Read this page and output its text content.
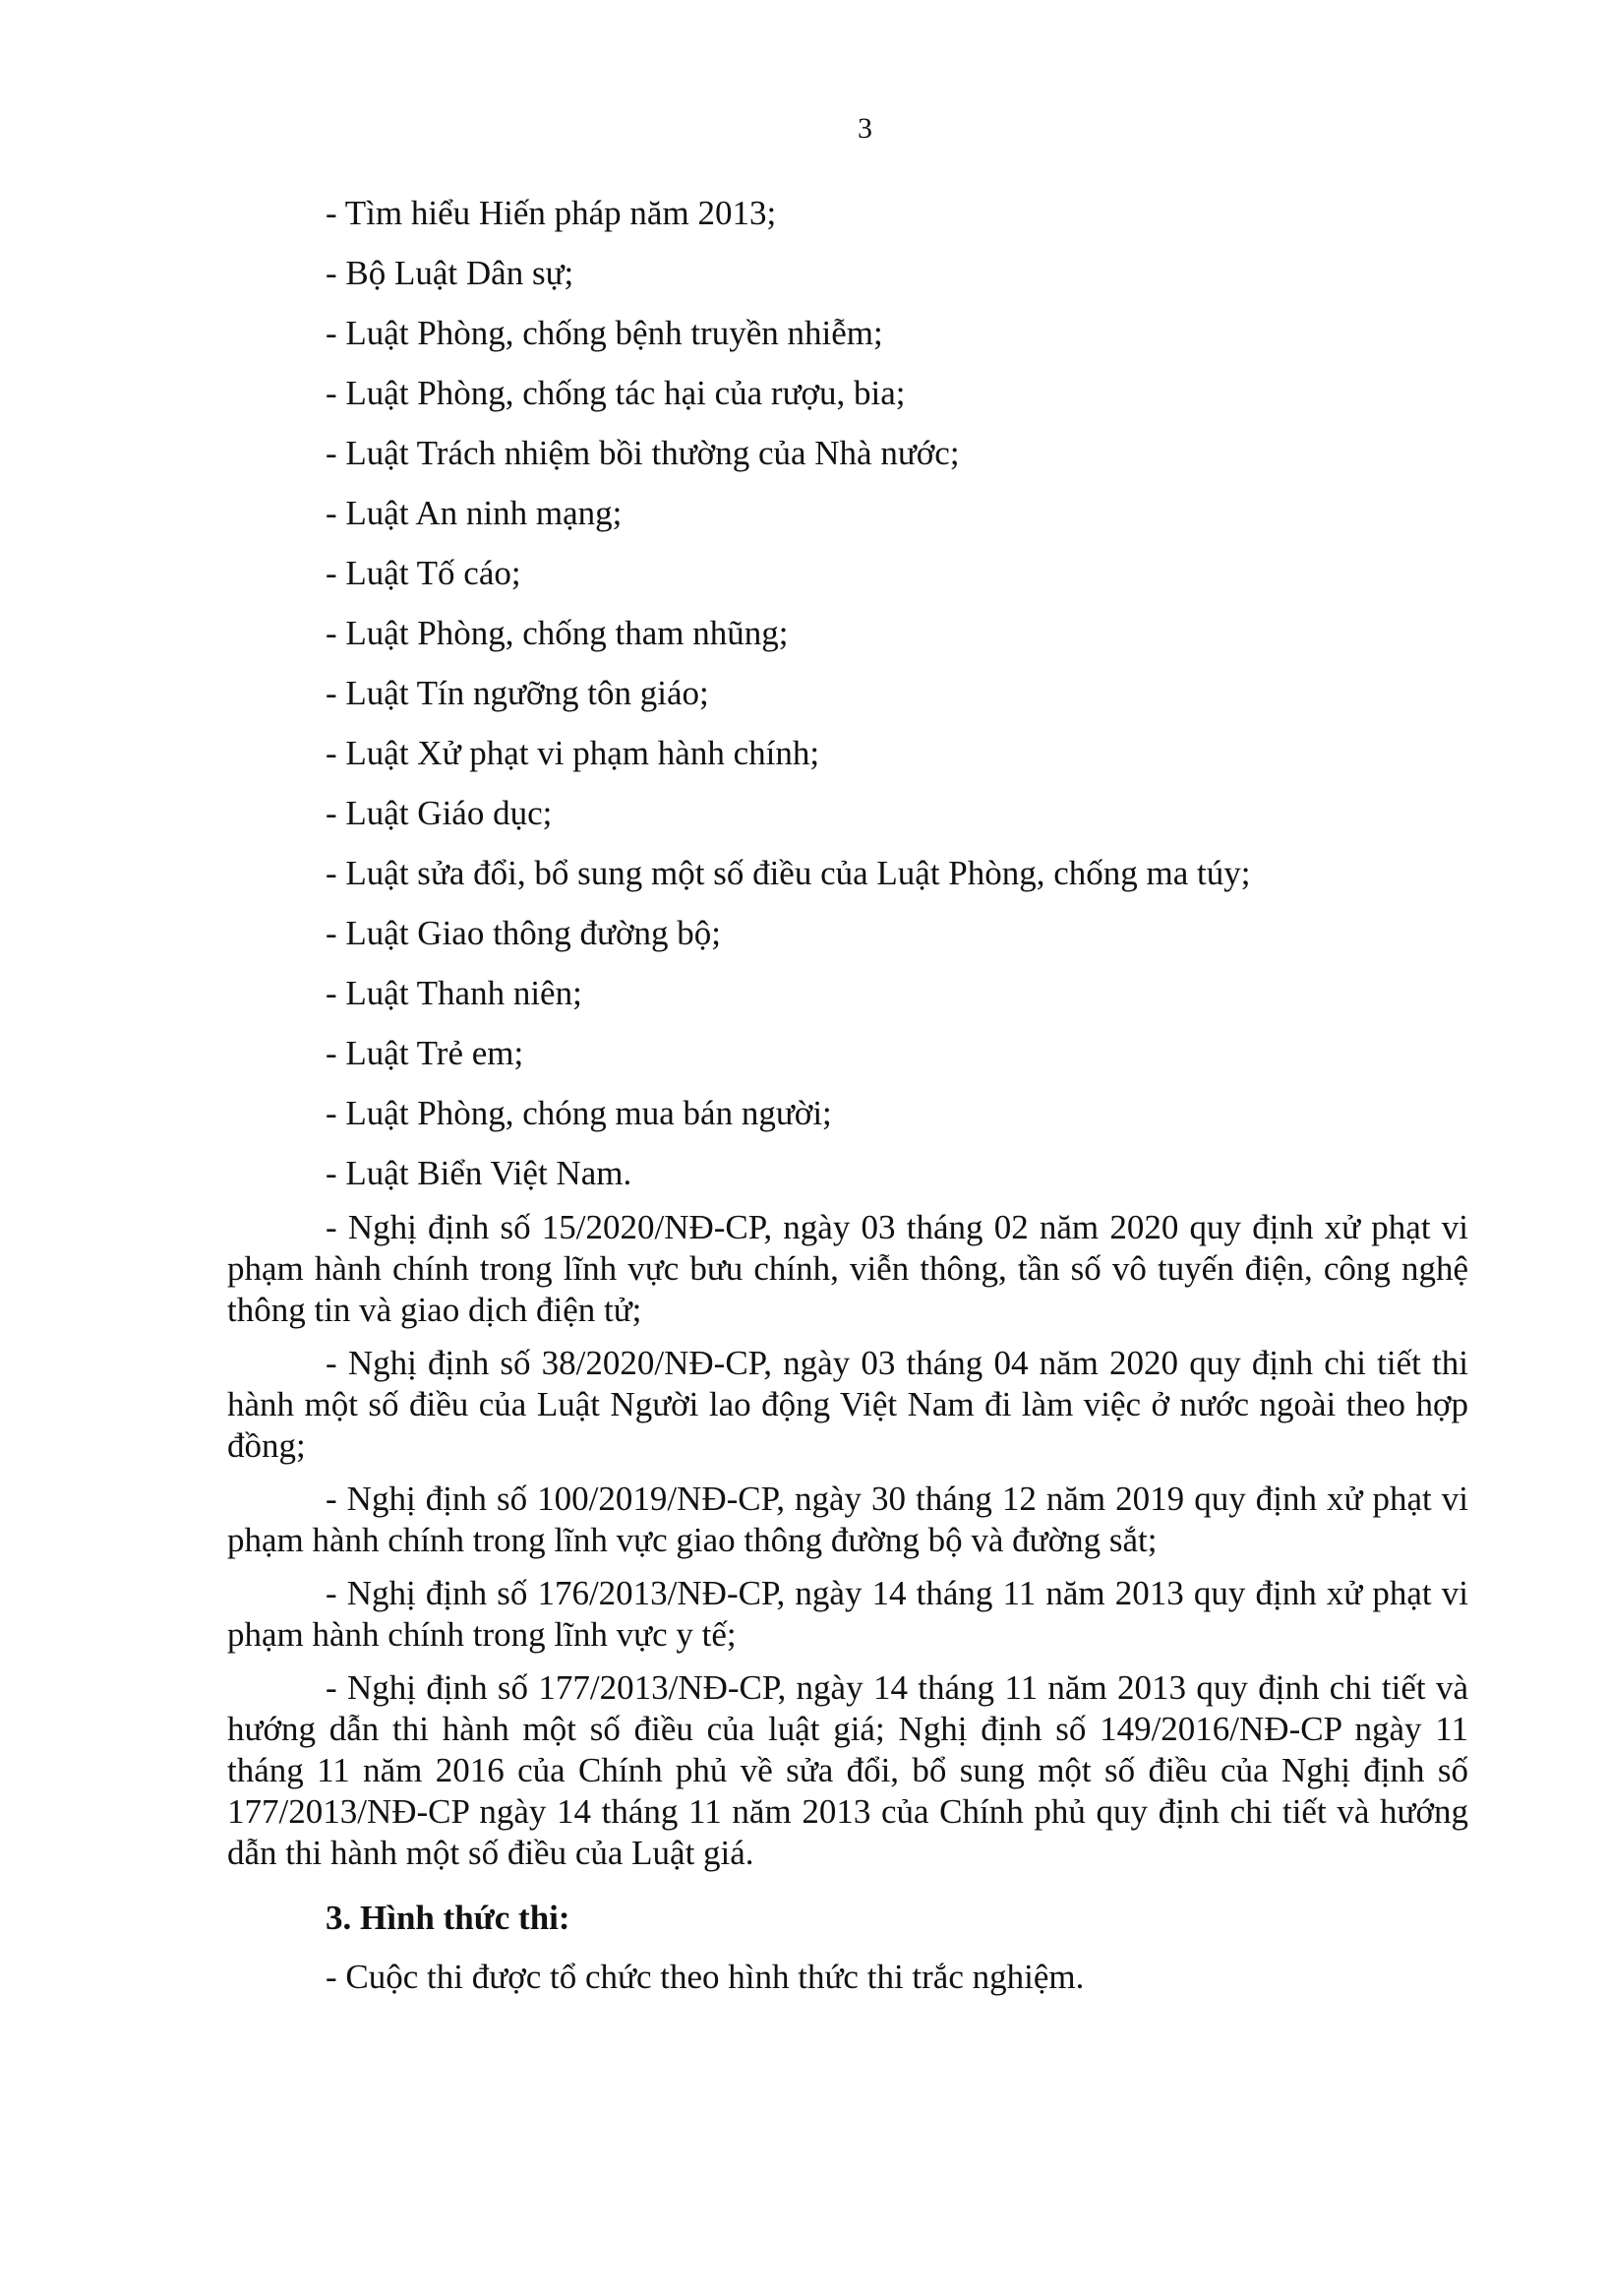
3
- Tìm hiểu Hiến pháp năm 2013;
- Bộ Luật Dân sự;
- Luật Phòng, chống bệnh truyền nhiễm;
- Luật Phòng, chống tác hại của rượu, bia;
- Luật Trách nhiệm bồi thường của Nhà nước;
- Luật An ninh mạng;
- Luật Tố cáo;
- Luật Phòng, chống tham nhũng;
- Luật Tín ngưỡng tôn giáo;
- Luật Xử phạt vi phạm hành chính;
- Luật Giáo dục;
- Luật sửa đổi, bổ sung một số điều của Luật Phòng, chống ma túy;
- Luật Giao thông đường bộ;
- Luật Thanh niên;
- Luật Trẻ em;
- Luật Phòng, chóng mua bán người;
- Luật Biển Việt Nam.

- Nghị định số 15/2020/NĐ-CP, ngày 03 tháng 02 năm 2020 quy định xử phạt vi phạm hành chính trong lĩnh vực bưu chính, viễn thông, tần số vô tuyến điện, công nghệ thông tin và giao dịch điện tử;

- Nghị định số 38/2020/NĐ-CP, ngày 03 tháng 04 năm 2020 quy định chi tiết thi hành một số điều của Luật Người lao động Việt Nam đi làm việc ở nước ngoài theo hợp đồng;

- Nghị định số 100/2019/NĐ-CP, ngày 30 tháng 12 năm 2019 quy định xử phạt vi phạm hành chính trong lĩnh vực giao thông đường bộ và đường sắt;

- Nghị định số 176/2013/NĐ-CP, ngày 14 tháng 11 năm 2013 quy định xử phạt vi phạm hành chính trong lĩnh vực y tế;

- Nghị định số 177/2013/NĐ-CP, ngày 14 tháng 11 năm 2013 quy định chi tiết và hướng dẫn thi hành một số điều của luật giá; Nghị định số 149/2016/NĐ-CP ngày 11 tháng 11 năm 2016 của Chính phủ về sửa đổi, bổ sung một số điều của Nghị định số 177/2013/NĐ-CP ngày 14 tháng 11 năm 2013 của Chính phủ quy định chi tiết và hướng dẫn thi hành một số điều của Luật giá.

3. Hình thức thi:
- Cuộc thi được tổ chức theo hình thức thi trắc nghiệm.
